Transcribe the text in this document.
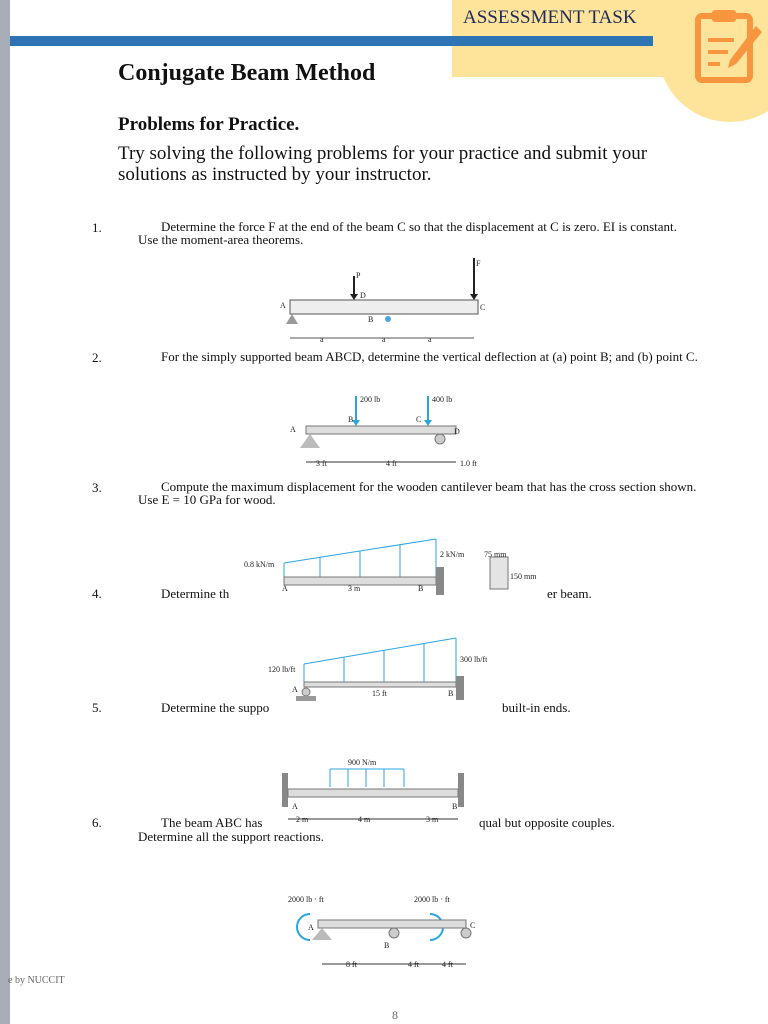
ASSESSMENT TASK
Conjugate Beam Method
Problems for Practice.
Try solving the following problems for your practice and submit your solutions as instructed by your instructor.
1.	Determine the force F at the end of the beam C so that the displacement at C is zero. EI is constant. Use the moment-area theorems.
P
D
F
C
A
B
a	a	a
2.	For the simply supported beam ABCD, determine the vertical deflection at (a) point B; and (b) point C.
200 lb	400 lb
A
B	C
D
3 ft	4 ft	1.0 ft
3.	Compute the maximum displacement for the wooden cantilever beam that has the cross section shown. Use E = 10 GPa for wood.
0.8 kN/m
2 kN/m
A	3 m	B
75 mm
150 mm
4.	Determine th	er beam.
120 lb/ft
300 lb/ft
A	15 ft	B
5.	Determine the suppo	built-in ends.
900 N/m
A	B
2 m	4 m	3 m
6.	The beam ABC has	qual but opposite couples.
Determine all the support reactions.
2000 lb · ft	2000 lb · ft
A
B
C
8 ft	4 ft	4 ft
e by NUCCIT
8
